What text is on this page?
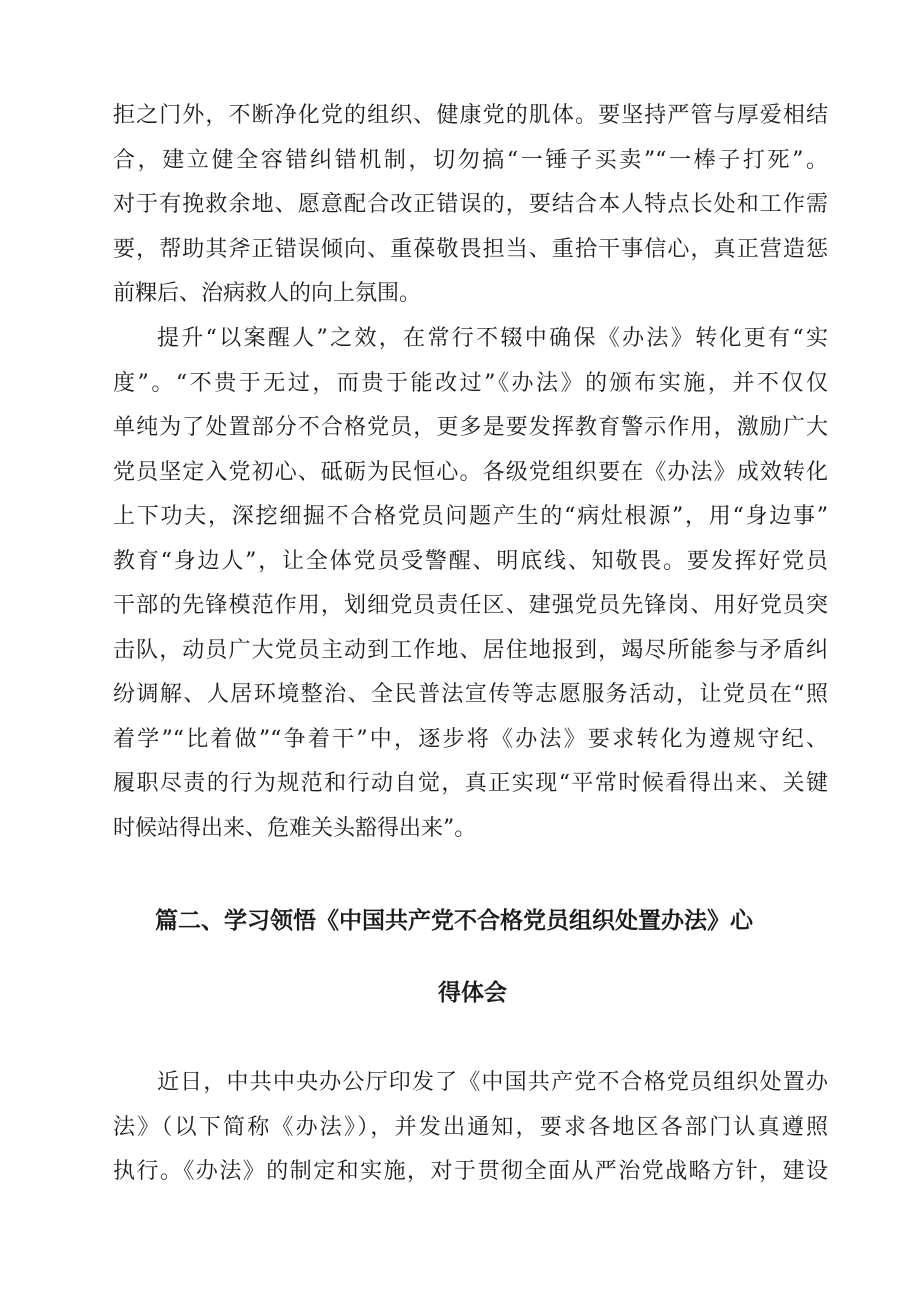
拒之门外，不断净化党的组织、健康党的肌体。要坚持严管与厚爱相结
合，建立健全容错纠错机制，切勿搞“一锤子买卖”“一棒子打死”。
对于有挽救余地、愿意配合改正错误的，要结合本人特点长处和工作需
要，帮助其斧正错误倾向、重葆敬畏担当、重拾干事信心，真正营造惩
前粿后、治病救人的向上氛围。
提升“以案醒人”之效，在常行不辍中确保《办法》转化更有“实
度”。“不贵于无过，而贵于能改过”《办法》的颁布实施，并不仅仅
单纯为了处置部分不合格党员，更多是要发挥教育警示作用，激励广大
党员坚定入党初心、砥砺为民恒心。各级党组织要在《办法》成效转化
上下功夫，深挖细掘不合格党员问题产生的“病灶根源”，用“身边事”
教育“身边人”，让全体党员受警醒、明底线、知敬畏。要发挥好党员
干部的先锋模范作用，划细党员责任区、建强党员先锋岗、用好党员突
击队，动员广大党员主动到工作地、居住地报到，竭尽所能参与矛盾纠
纷调解、人居环境整治、全民普法宣传等志愿服务活动，让党员在“照
着学”“比着做”“争着干”中，逐步将《办法》要求转化为遵规守纪、
履职尽责的行为规范和行动自觉，真正实现“平常时候看得出来、关键
时候站得出来、危难关头豁得出来”。
篇二、学习领悟《中国共产党不合格党员组织处置办法》心
得体会
近日，中共中央办公厅印发了《中国共产党不合格党员组织处置办
法》（以下简称《办法》），并发出通知，要求各地区各部门认真遵照
执行。《办法》的制定和实施，对于贯彻全面从严治党战略方针，建设
